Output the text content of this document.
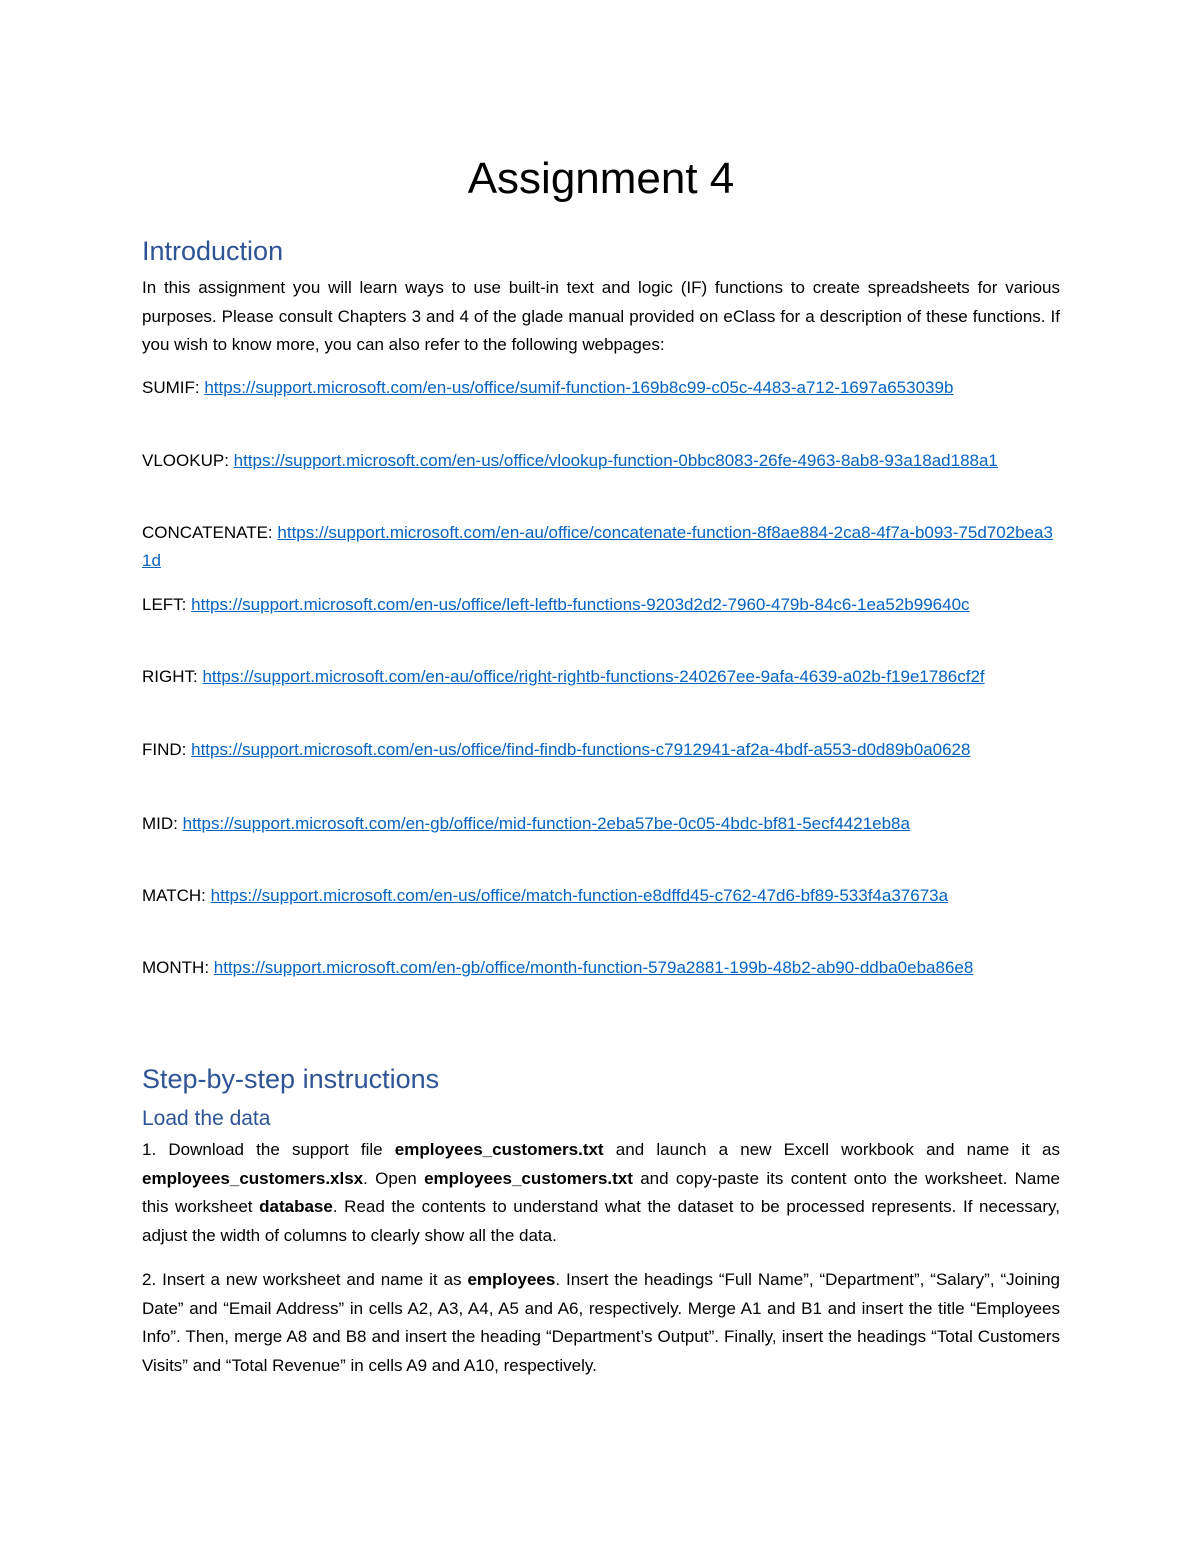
Assignment 4
Introduction

In this assignment you will learn ways to use built-in text and logic (IF) functions to create spreadsheets for various purposes. Please consult Chapters 3 and 4 of the glade manual provided on eClass for a description of these functions. If you wish to know more, you can also refer to the following webpages:

SUMIF: https://support.microsoft.com/en-us/office/sumif-function-169b8c99-c05c-4483-a712-1697a653039b

VLOOKUP: https://support.microsoft.com/en-us/office/vlookup-function-0bbc8083-26fe-4963-8ab8-93a18ad188a1

CONCATENATE: https://support.microsoft.com/en-au/office/concatenate-function-8f8ae884-2ca8-4f7a-b093-75d702bea31d

LEFT: https://support.microsoft.com/en-us/office/left-leftb-functions-9203d2d2-7960-479b-84c6-1ea52b99640c

RIGHT: https://support.microsoft.com/en-au/office/right-rightb-functions-240267ee-9afa-4639-a02b-f19e1786cf2f

FIND: https://support.microsoft.com/en-us/office/find-findb-functions-c7912941-af2a-4bdf-a553-d0d89b0a0628

MID: https://support.microsoft.com/en-gb/office/mid-function-2eba57be-0c05-4bdc-bf81-5ecf4421eb8a

MATCH: https://support.microsoft.com/en-us/office/match-function-e8dffd45-c762-47d6-bf89-533f4a37673a

MONTH: https://support.microsoft.com/en-gb/office/month-function-579a2881-199b-48b2-ab90-ddba0eba86e8

Step-by-step instructions
Load the data

1. Download the support file employees_customers.txt and launch a new Excell workbook and name it as employees_customers.xlsx. Open employees_customers.txt and copy-paste its content onto the worksheet. Name this worksheet database. Read the contents to understand what the dataset to be processed represents. If necessary, adjust the width of columns to clearly show all the data.

2. Insert a new worksheet and name it as employees. Insert the headings “Full Name”, “Department”, “Salary”, “Joining Date” and “Email Address” in cells A2, A3, A4, A5 and A6, respectively. Merge A1 and B1 and insert the title “Employees Info”. Then, merge A8 and B8 and insert the heading “Department’s Output”. Finally, insert the headings “Total Customers Visits” and “Total Revenue” in cells A9 and A10, respectively.
